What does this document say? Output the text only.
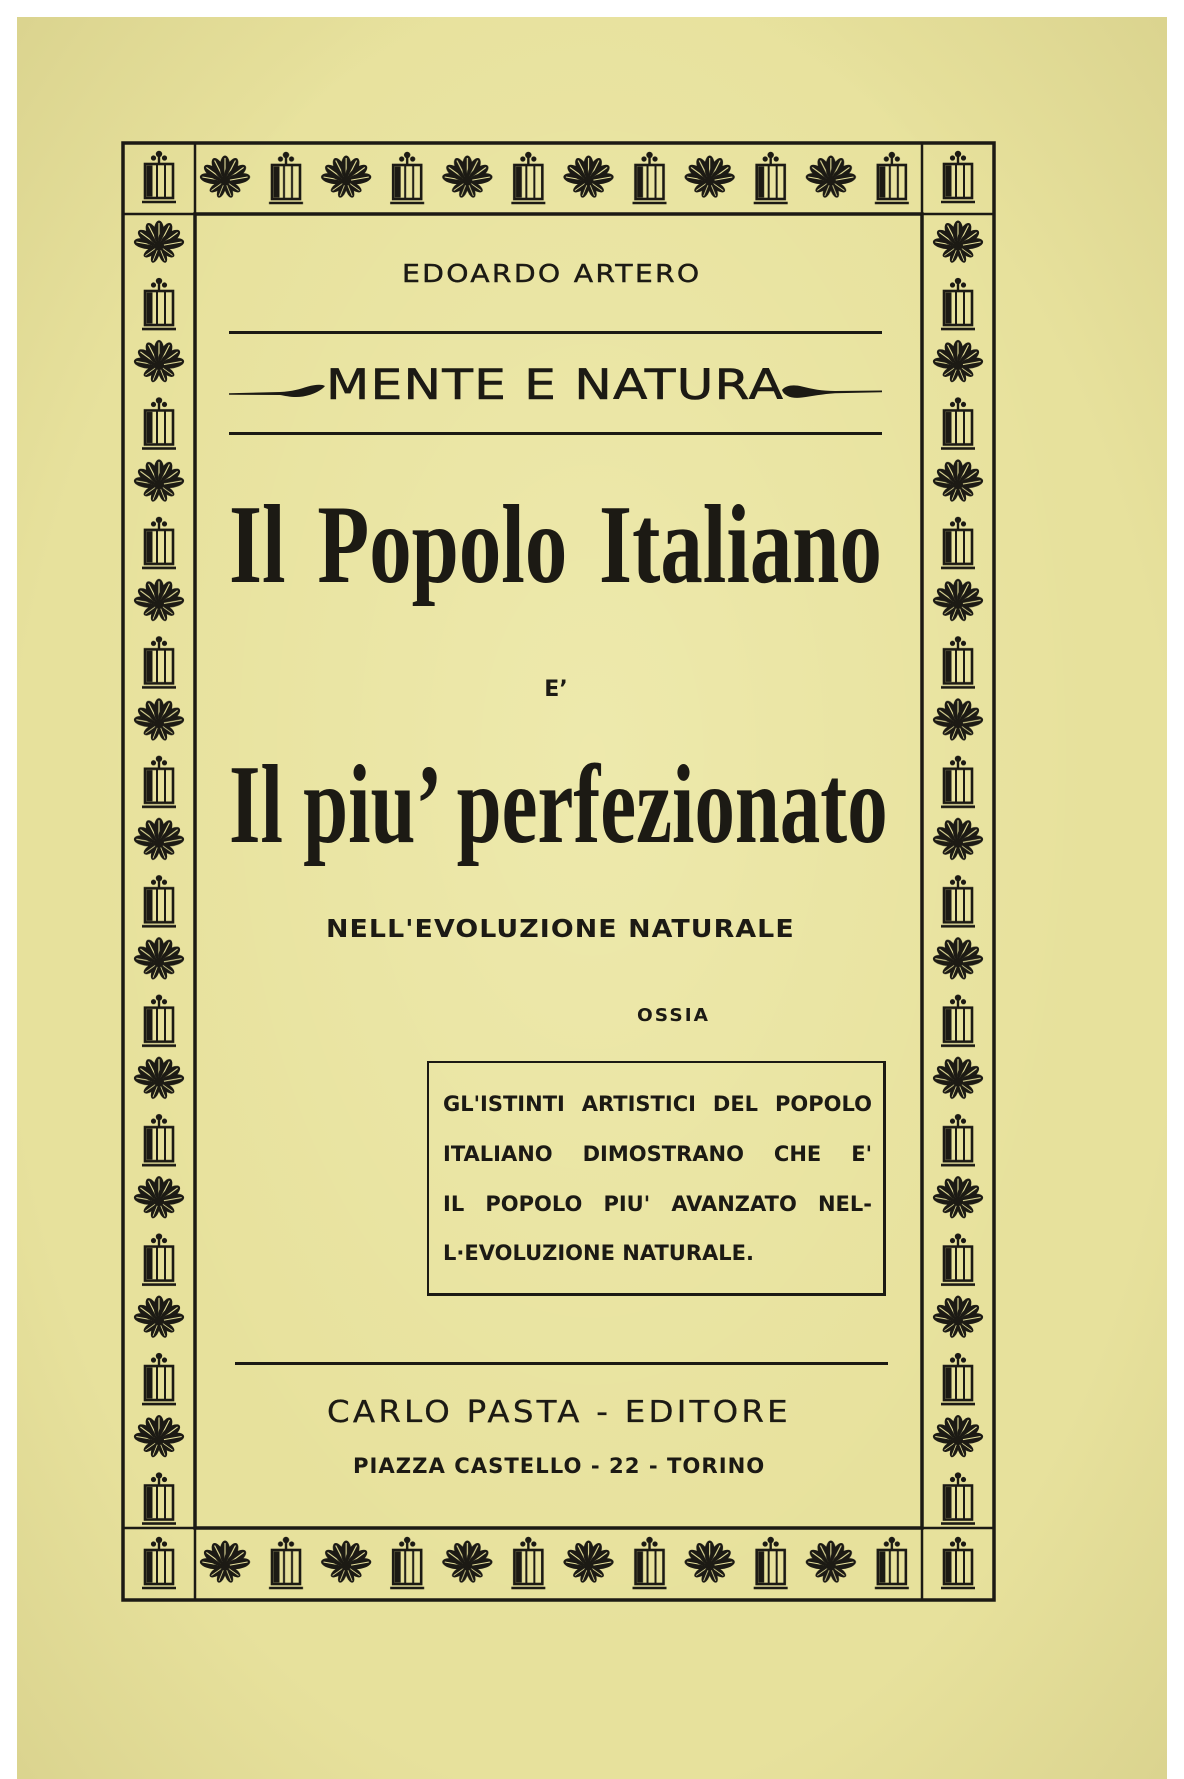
EDOARDO ARTERO
MENTE E NATURA
Il Popolo Italiano
E’
Il piu’ perfezionato
NELL'EVOLUZIONE NATURALE
OSSIA
GL'ISTINTI ARTISTICI DEL POPOLO
ITALIANO DIMOSTRANO CHE E'
IL POPOLO PIU' AVANZATO NEL-
L·EVOLUZIONE NATURALE.
CARLO PASTA - EDITORE
PIAZZA CASTELLO - 22 - TORINO
